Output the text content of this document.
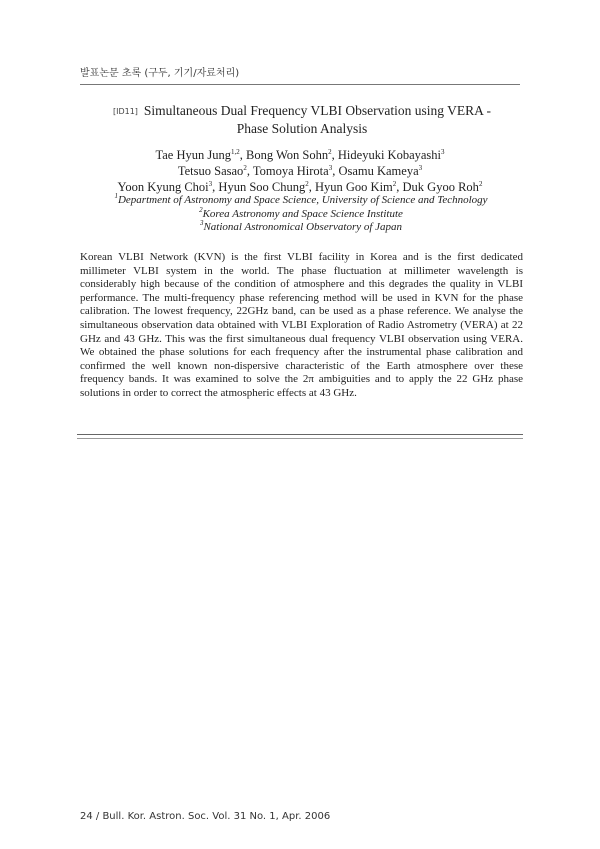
발표논문 초록 (구두, 기기/자료처리)
[ID11] Simultaneous Dual Frequency VLBI Observation using VERA -
Phase Solution Analysis
Tae Hyun Jung$^{1,2}$, Bong Won Sohn$^2$, Hideyuki Kobayashi$^3$
Tetsuo Sasao$^2$, Tomoya Hirota$^3$, Osamu Kameya$^3$
Yoon Kyung Choi$^3$, Hyun Soo Chung$^2$, Hyun Goo Kim$^2$, Duk Gyoo Roh$^2$
$^1$Department of Astronomy and Space Science, University of Science and Technology
$^2$Korea Astronomy and Space Science Institute
$^3$National Astronomical Observatory of Japan

Korean VLBI Network (KVN) is the first VLBI facility in Korea and is the first dedicated millimeter VLBI system in the world. The phase fluctuation at millimeter wavelength is considerably high because of the condition of atmosphere and this degrades the quality in VLBI performance. The multi-frequency phase referencing method will be used in KVN for the phase calibration. The lowest frequency, 22GHz band, can be used as a phase reference. We analyse the simultaneous observation data obtained with VLBI Exploration of Radio Astrometry (VERA) at 22 GHz and 43 GHz. This was the first simultaneous dual frequency VLBI observation using VERA. We obtained the phase solutions for each frequency after the instrumental phase calibration and confirmed the well known non-dispersive characteristic of the Earth atmosphere over these frequency bands. It was examined to solve the 2π ambiguities and to apply the 22 GHz phase solutions in order to correct the atmospheric effects at 43 GHz.

24 / Bull. Kor. Astron. Soc. Vol. 31 No. 1, Apr. 2006
